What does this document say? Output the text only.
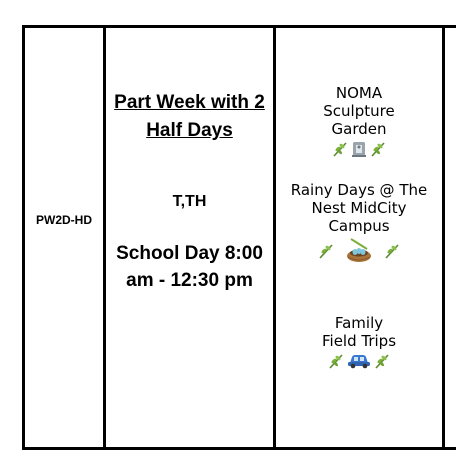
PW2D-HD
Part Week with 2 Half Days
T,TH
School Day 8:00 am - 12:30 pm
NOMA Sculpture Garden
Rainy Days @ The Nest MidCity Campus
Family Field Trips
